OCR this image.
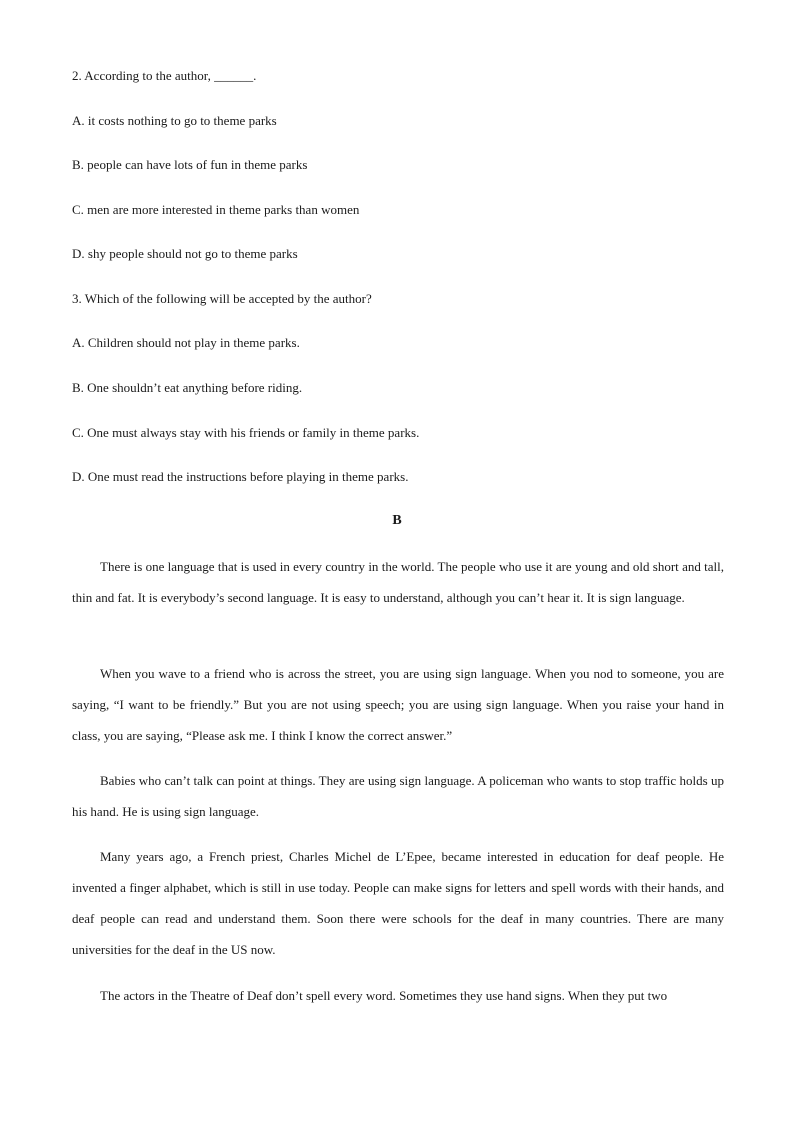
2. According to the author, ______.

A. it costs nothing to go to theme parks

B. people can have lots of fun in theme parks

C. men are more interested in theme parks than women

D. shy people should not go to theme parks

3. Which of the following will be accepted by the author?

A. Children should not play in theme parks.

B. One shouldn’t eat anything before riding.

C. One must always stay with his friends or family in theme parks.

D. One must read the instructions before playing in theme parks.

B

There is one language that is used in every country in the world. The people who use it are young and old short and tall, thin and fat. It is everybody’s second language. It is easy to understand, although you can’t hear it. It is sign language.

When you wave to a friend who is across the street, you are using sign language. When you nod to someone, you are saying, “I want to be friendly.” But you are not using speech; you are using sign language. When you raise your hand in class, you are saying, “Please ask me. I think I know the correct answer.”

Babies who can’t talk can point at things. They are using sign language. A policeman who wants to stop traffic holds up his hand. He is using sign language.

Many years ago, a French priest, Charles Michel de L’Epee, became interested in education for deaf people. He invented a finger alphabet, which is still in use today. People can make signs for letters and spell words with their hands, and deaf people can read and understand them. Soon there were schools for the deaf in many countries. There are many universities for the deaf in the US now.

The actors in the Theatre of Deaf don’t spell every word. Sometimes they use hand signs. When they put two
